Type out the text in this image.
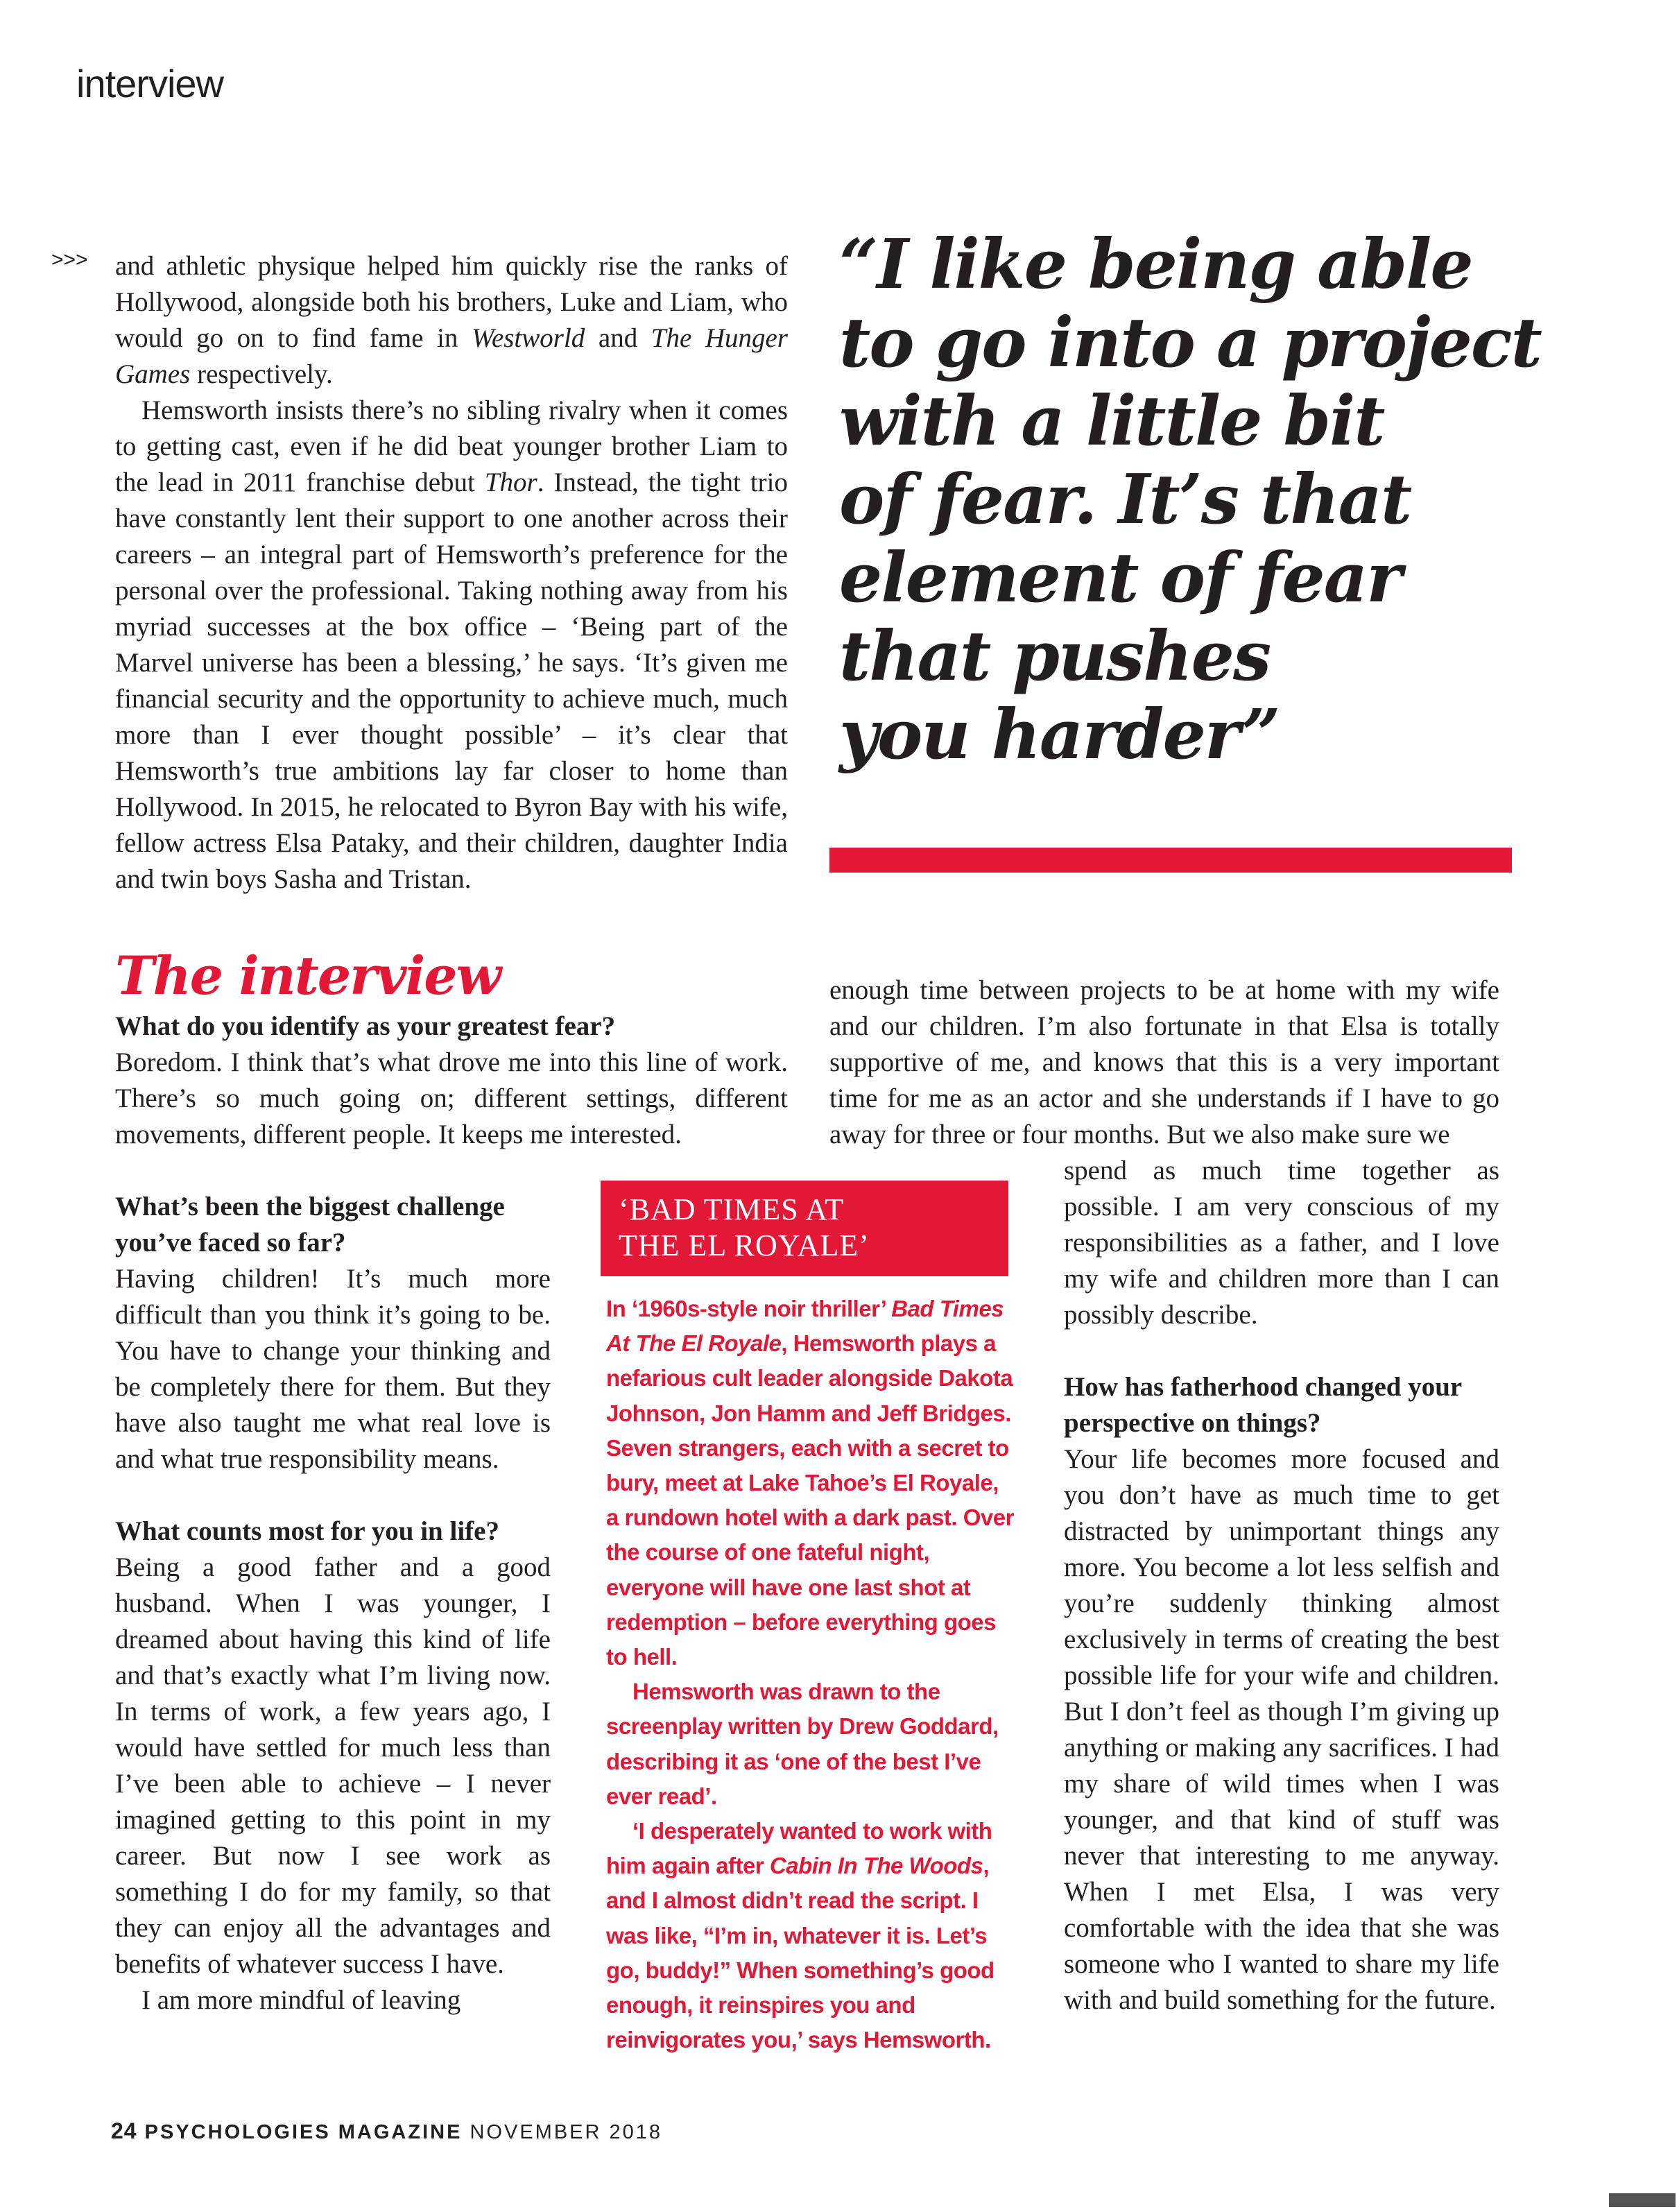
interview
>>> and athletic physique helped him quickly rise the ranks of Hollywood, alongside both his brothers, Luke and Liam, who would go on to find fame in Westworld and The Hunger Games respectively.

Hemsworth insists there’s no sibling rivalry when it comes to getting cast, even if he did beat younger brother Liam to the lead in 2011 franchise debut Thor. Instead, the tight trio have constantly lent their support to one another across their careers – an integral part of Hemsworth’s preference for the personal over the professional. Taking nothing away from his myriad successes at the box office – ‘Being part of the Marvel universe has been a blessing,’ he says. ‘It’s given me financial security and the opportunity to achieve much, much more than I ever thought possible’ – it’s clear that Hemsworth’s true ambitions lay far closer to home than Hollywood. In 2015, he relocated to Byron Bay with his wife, fellow actress Elsa Pataky, and their children, daughter India and twin boys Sasha and Tristan.

“I like being able
to go into a project
with a little bit
of fear. It’s that
element of fear
that pushes
you harder”
The interview

What do you identify as your greatest fear?

Boredom. I think that’s what drove me into this line of work. There’s so much going on; different settings, different movements, different people. It keeps me interested.

What’s been the biggest challenge you’ve faced so far?

Having children! It’s much more difficult than you think it’s going to be. You have to change your thinking and be completely there for them. But they have also taught me what real love is and what true responsibility means.

What counts most for you in life?

Being a good father and a good husband. When I was younger, I dreamed about having this kind of life and that’s exactly what I’m living now. In terms of work, a few years ago, I would have settled for much less than I’ve been able to achieve – I never imagined getting to this point in my career. But now I see work as something I do for my family, so that they can enjoy all the advantages and benefits of whatever success I have.

I am more mindful of leaving

enough time between projects to be at home with my wife and our children. I’m also fortunate in that Elsa is totally supportive of me, and knows that this is a very important time for me as an actor and she understands if I have to go away for three or four months. But we also make sure we

spend as much time together as possible. I am very conscious of my responsibilities as a father, and I love my wife and children more than I can possibly describe.

How has fatherhood changed your perspective on things?

Your life becomes more focused and you don’t have as much time to get distracted by unimportant things any more. You become a lot less selfish and you’re suddenly thinking almost exclusively in terms of creating the best possible life for your wife and children. But I don’t feel as though I’m giving up anything or making any sacrifices. I had my share of wild times when I was younger, and that kind of stuff was never that interesting to me anyway. When I met Elsa, I was very comfortable with the idea that she was someone who I wanted to share my life with and build something for the future.

‘BAD TIMES AT
THE EL ROYALE’

In ‘1960s-style noir thriller’ Bad Times At The El Royale, Hemsworth plays a nefarious cult leader alongside Dakota Johnson, Jon Hamm and Jeff Bridges. Seven strangers, each with a secret to bury, meet at Lake Tahoe’s El Royale, a rundown hotel with a dark past. Over the course of one fateful night, everyone will have one last shot at redemption – before everything goes to hell.

Hemsworth was drawn to the screenplay written by Drew Goddard, describing it as ‘one of the best I’ve ever read’.

‘I desperately wanted to work with him again after Cabin In The Woods, and I almost didn’t read the script. I was like, “I’m in, whatever it is. Let’s go, buddy!” When something’s good enough, it reinspires you and reinvigorates you,’ says Hemsworth.

24 PSYCHOLOGIES MAGAZINE NOVEMBER 2018
